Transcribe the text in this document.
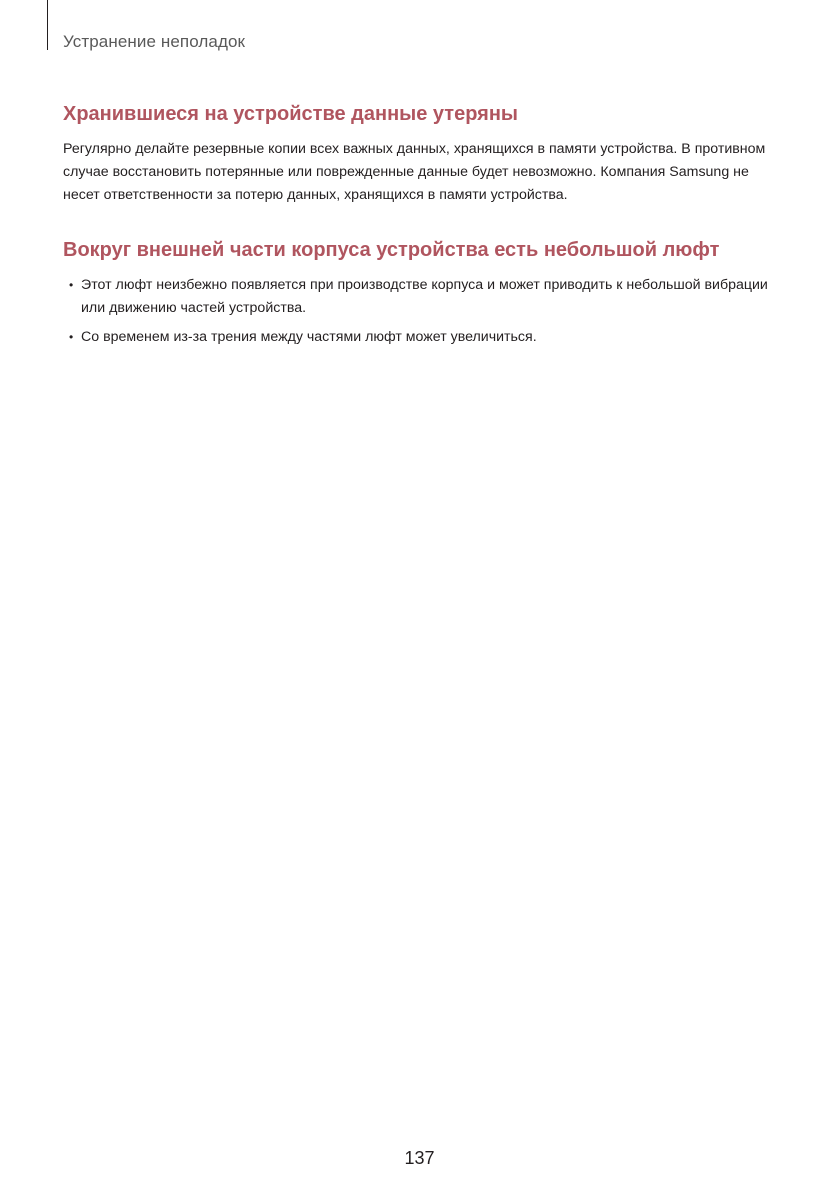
Устранение неполадок
Хранившиеся на устройстве данные утеряны

Регулярно делайте резервные копии всех важных данных, хранящихся в памяти устройства. В противном случае восстановить потерянные или поврежденные данные будет невозможно. Компания Samsung не несет ответственности за потерю данных, хранящихся в памяти устройства.

Вокруг внешней части корпуса устройства есть небольшой люфт
• Этот люфт неизбежно появляется при производстве корпуса и может приводить к небольшой вибрации или движению частей устройства.
• Со временем из-за трения между частями люфт может увеличиться.
137
